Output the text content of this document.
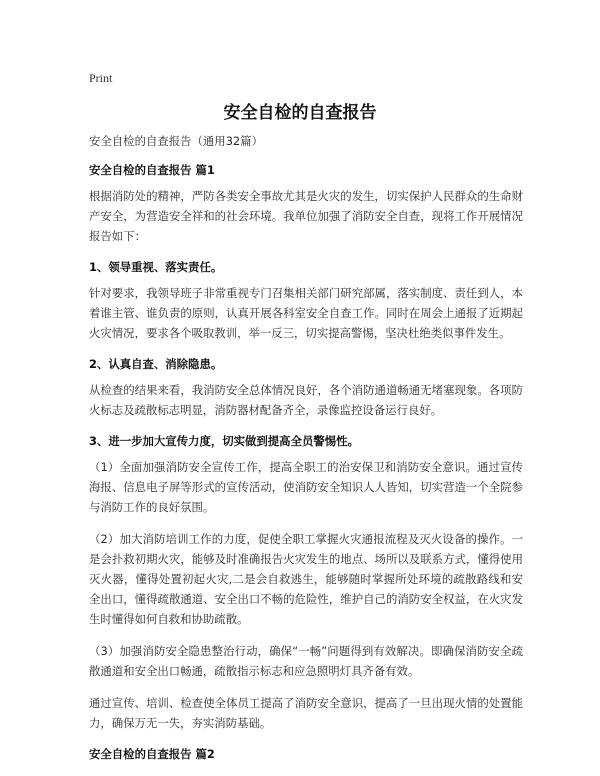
Print
安全自检的自查报告

安全自检的自查报告（通用32篇）

安全自检的自查报告 篇1

根据消防处的精神，严防各类安全事故尤其是火灾的发生，切实保护人民群众的生命财产安全，为营造安全祥和的社会环境。我单位加强了消防安全自查，现将工作开展情况报告如下：

1、领导重视、落实责任。

针对要求，我领导班子非常重视专门召集相关部门研究部属，落实制度、责任到人，本着谁主管、谁负责的原则，认真开展各科室安全自查工作。同时在周会上通报了近期起火灾情况，要求各个吸取教训，举一反三，切实提高警惕，坚决杜绝类似事件发生。

2、认真自查、消除隐患。

从检查的结果来看，我消防安全总体情况良好，各个消防通道畅通无堵塞现象。各项防火标志及疏散标志明显，消防器材配备齐全，录像监控设备运行良好。

3、进一步加大宣传力度，切实做到提高全员警惕性。

（1）全面加强消防安全宣传工作，提高全职工的治安保卫和消防安全意识。通过宣传海报、信息电子屏等形式的宣传活动，使消防安全知识人人皆知，切实营造一个全院参与消防工作的良好氛围。

（2）加大消防培训工作的力度，促使全职工掌握火灾通报流程及灭火设备的操作。一是会扑救初期火灾，能够及时准确报告火灾发生的地点、场所以及联系方式，懂得使用灭火器，懂得处置初起火灾,二是会自救逃生，能够随时掌握所处环境的疏散路线和安全出口，懂得疏散通道、安全出口不畅的危险性，维护自己的消防安全权益，在火灾发生时懂得如何自救和协助疏散。

（3）加强消防安全隐患整治行动，确保“一畅”问题得到有效解决。即确保消防安全疏散通道和安全出口畅通，疏散指示标志和应急照明灯具齐备有效。

通过宣传、培训、检查使全体员工提高了消防安全意识，提高了一旦出现火情的处置能力，确保万无一失，夯实消防基础。

安全自检的自查报告 篇2
